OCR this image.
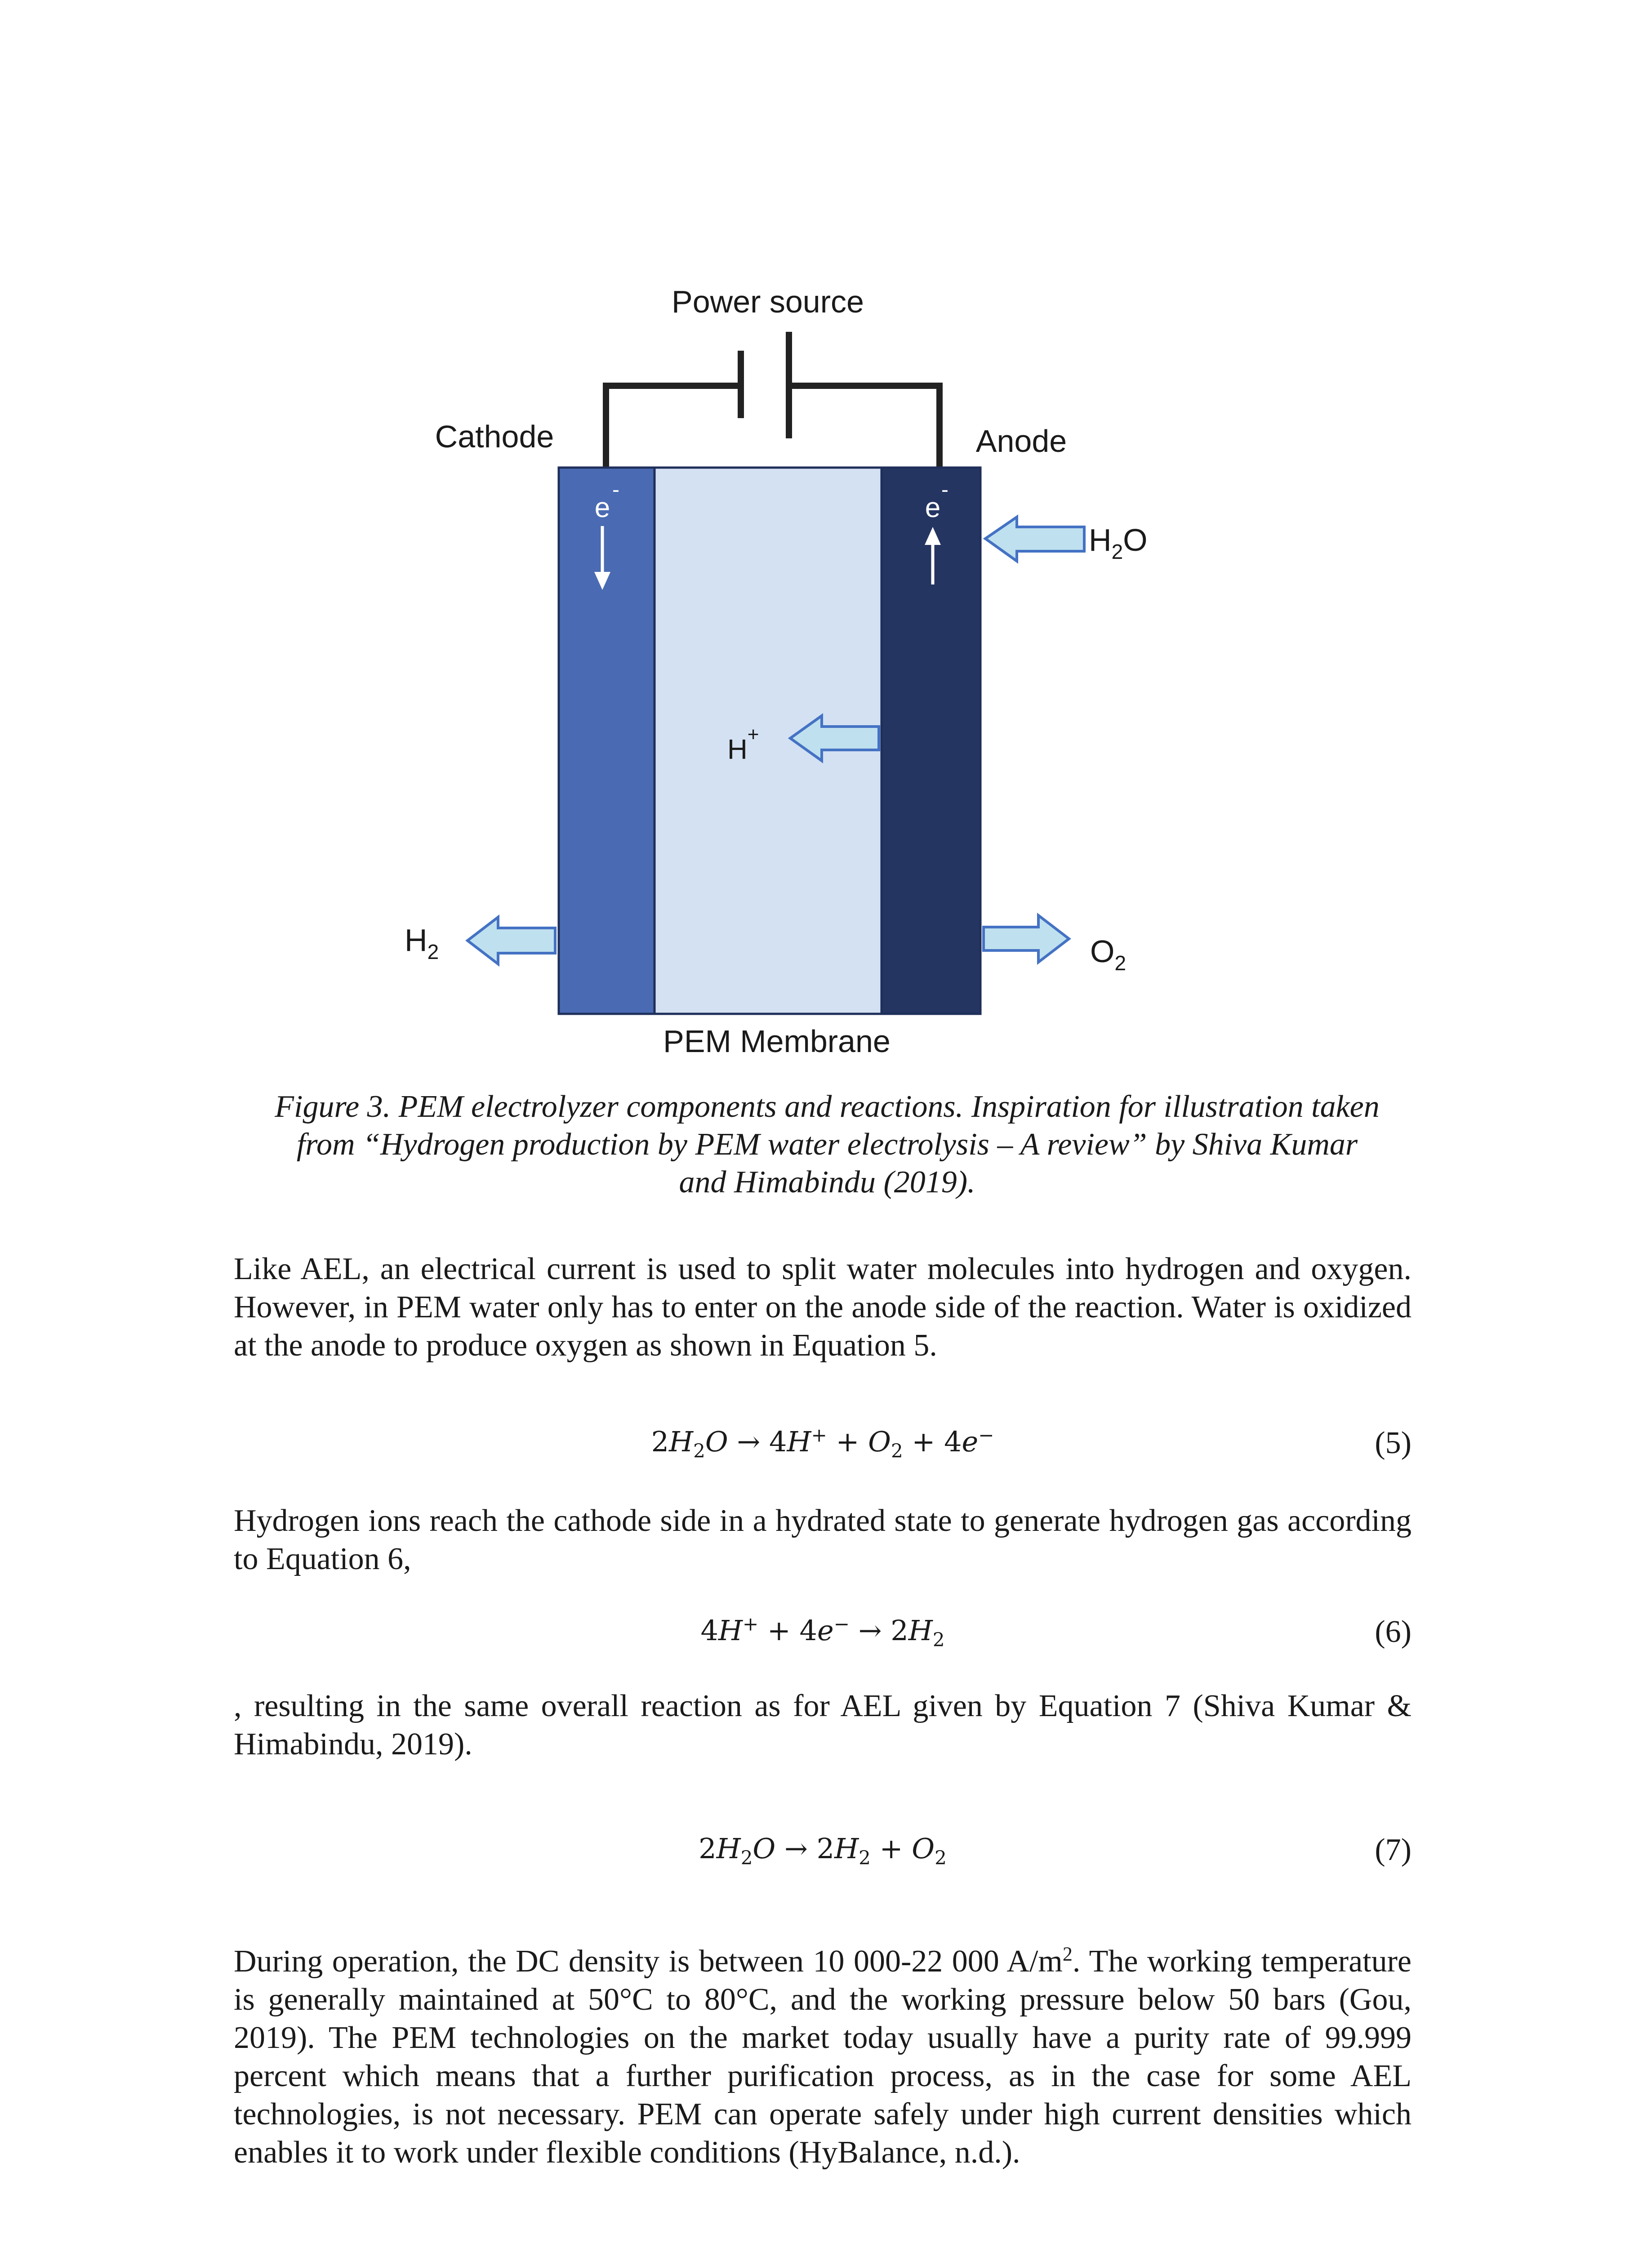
Power source
Cathode	Anode
e
-
e
-
$H_2O$
H+
$H_2$	$O_2$
PEM Membrane
Figure 3. PEM electrolyzer components and reactions. Inspiration for illustration taken
from “Hydrogen production by PEM water electrolysis – A review” by Shiva Kumar
and Himabindu (2019).
Like AEL, an electrical current is used to split water molecules into hydrogen and oxygen. However, in PEM water only has to enter on the anode side of the reaction. Water is oxidized at the anode to produce oxygen as shown in Equation 5.
$2H_2O \to 4H^+ + O_2 + 4e^-$	(5)
Hydrogen ions reach the cathode side in a hydrated state to generate hydrogen gas according to Equation 6,
$4H^+ + 4e^- \to 2H_2$	(6)
, resulting in the same overall reaction as for AEL given by Equation 7 (Shiva Kumar & Himabindu, 2019).
$2H_2O \to 2H_2 + O_2$	(7)
During operation, the DC density is between 10 000-22 000 $A/m^2$. The working temperature is generally maintained at 50°C to 80°C, and the working pressure below 50 bars (Gou, 2019). The PEM technologies on the market today usually have a purity rate of 99.999 percent which means that a further purification process, as in the case for some AEL technologies, is not necessary. PEM can operate safely under high current densities which enables it to work under flexible conditions (HyBalance, n.d.).
